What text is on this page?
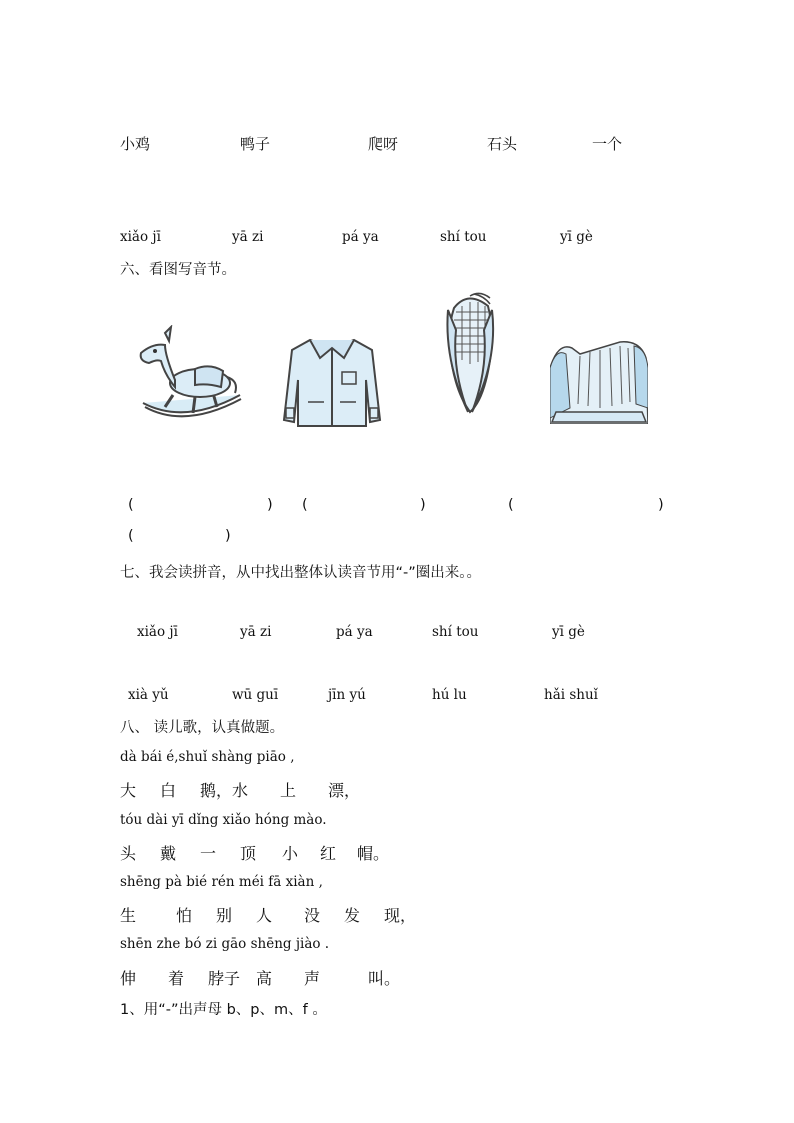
小鸡	鸭子	爬呀	石头	一个
xiǎo jī	yā zi	pá ya	shí tou	yī gè
六、看图写音节。
(	) (	)	(	)
(	)
七、我会读拼音，从中找出整体认读音节用“-”圈出来。。
xiǎo jī	yā zi	pá ya	shí tou	yī gè
xià yǔ	wū guī	jīn yú	hú lu	hǎi shuǐ
八、 读儿歌，认真做题。
dà bái é,shuǐ shàng piāo ,
大 白 鹅，水 上 漂，
tóu dài yī dǐng xiǎo hóng mào.
头 戴 一 顶 小 红 帽。
shēng pà bié rén méi fā xiàn ,
生 怕 别 人 没 发 现，
shēn zhe bó zi gāo shēng jiào .
伸 着 脖子 高 声	叫。
1、用“-”出声母 b、p、m、f 。
